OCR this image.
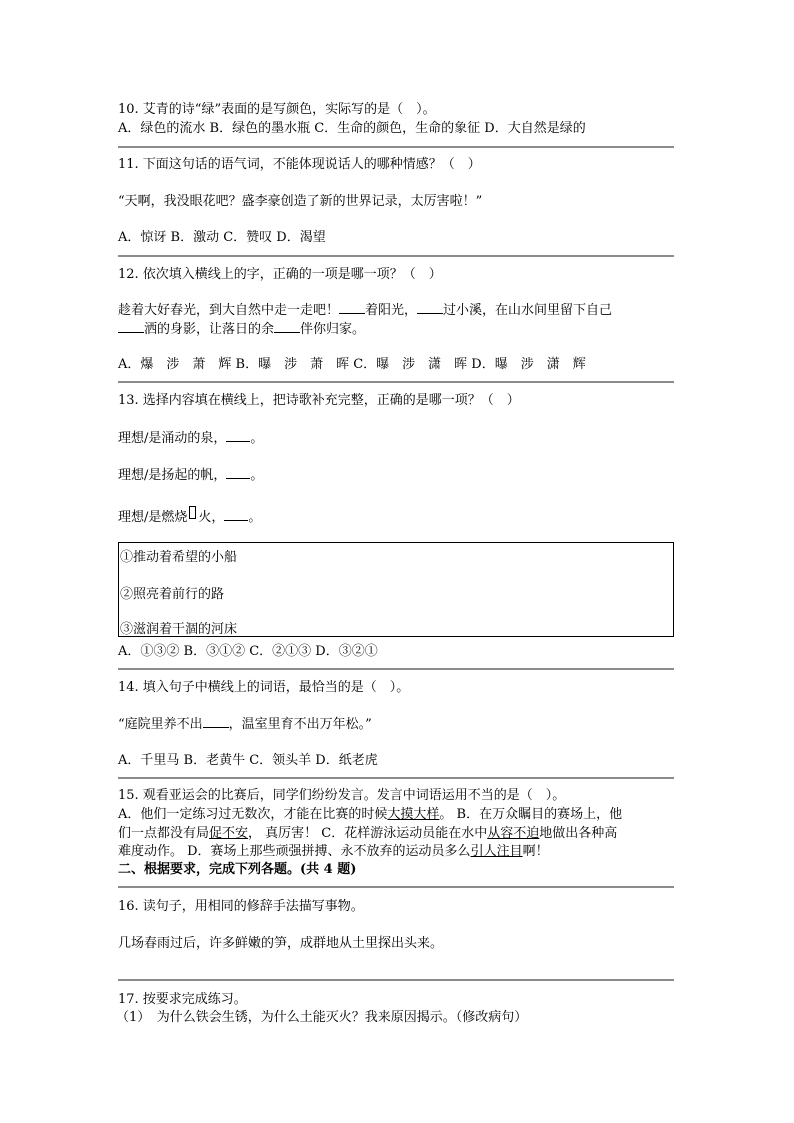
10. 艾青的诗“绿”表面的是写颜色，实际写的是（　）。
A．绿色的流水 B．绿色的墨水瓶 C．生命的颜色，生命的象征 D．大自然是绿的
11. 下面这句话的语气词，不能体现说话人的哪种情感？（　）
“天啊，我没眼花吧？盛李豪创造了新的世界记录，太厉害啦！”
A．惊讶 B．激动 C．赞叹 D．渴望
12. 依次填入横线上的字，正确的一项是哪一项？（　）
趁着大好春光，到大自然中走一走吧！ 着阳光， 过小溪，在山水间里留下自己
洒的身影，让落日的余 伴你归家。
A．爆　涉　萧　辉 B．曝　涉　萧　晖 C．曝　涉　潇　晖 D．曝　涉　潇　辉
13. 选择内容填在横线上，把诗歌补充完整，正确的是哪一项？（　）
理想/是涌动的泉， 。
理想/是扬起的帆， 。
理想/是燃烧 火， 。
①推动着希望的小船
②照亮着前行的路
③滋润着干涸的河床
A．①③② B．③①② C．②①③ D．③②①
14. 填入句子中横线上的词语，最恰当的是（　）。
“庭院里养不出 ，温室里育不出万年松。”
A．千里马 B．老黄牛 C．领头羊 D．纸老虎
15. 观看亚运会的比赛后，同学们纷纷发言。发言中词语运用不当的是（　）。
A．他们一定练习过无数次，才能在比赛的时候大摸大样。 B．在万众瞩目的赛场上，他
们一点都没有局促不安， 真厉害！ C．花样游泳运动员能在水中从容不迫地做出各种高
难度动作。 D．赛场上那些顽强拼搏、永不放弃的运动员多么引人注目啊！
二、根据要求，完成下列各题。(共 4 题)
16. 读句子，用相同的修辞手法描写事物。
几场春雨过后，许多鲜嫩的笋，成群地从土里探出头来。
17. 按要求完成练习。
（1）　为什么铁会生锈，为什么土能灭火？我来原因揭示。（修改病句）
